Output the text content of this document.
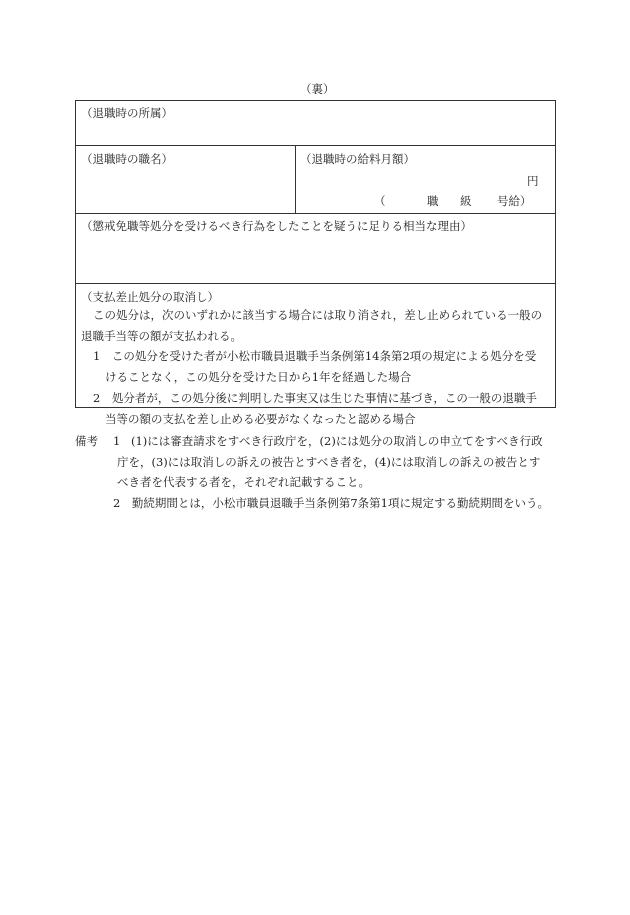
（裏）
（退職時の所属）
（退職時の職名）	（退職時の給料月額）
円
（	職 級 号給）
（懲戒免職等処分を受けるべき行為をしたことを疑うに足りる相当な理由）
（支払差止処分の取消し）
この処分は，次のいずれかに該当する場合には取り消され，差し止められている一般の
退職手当等の額が支払われる。
1　この処分を受けた者が小松市職員退職手当条例第14条第2項の規定による処分を受
けることなく，この処分を受けた日から1年を経過した場合
2　処分者が，この処分後に判明した事実又は生じた事情に基づき，この一般の退職手
当等の額の支払を差し止める必要がなくなったと認める場合
備考 1 (1)には審査請求をすべき行政庁を，(2)には処分の取消しの申立てをすべき行政
庁を，(3)には取消しの訴えの被告とすべき者を，(4)には取消しの訴えの被告とす
べき者を代表する者を，それぞれ記載すること。
2　勤続期間とは，小松市職員退職手当条例第7条第1項に規定する勤続期間をいう。
